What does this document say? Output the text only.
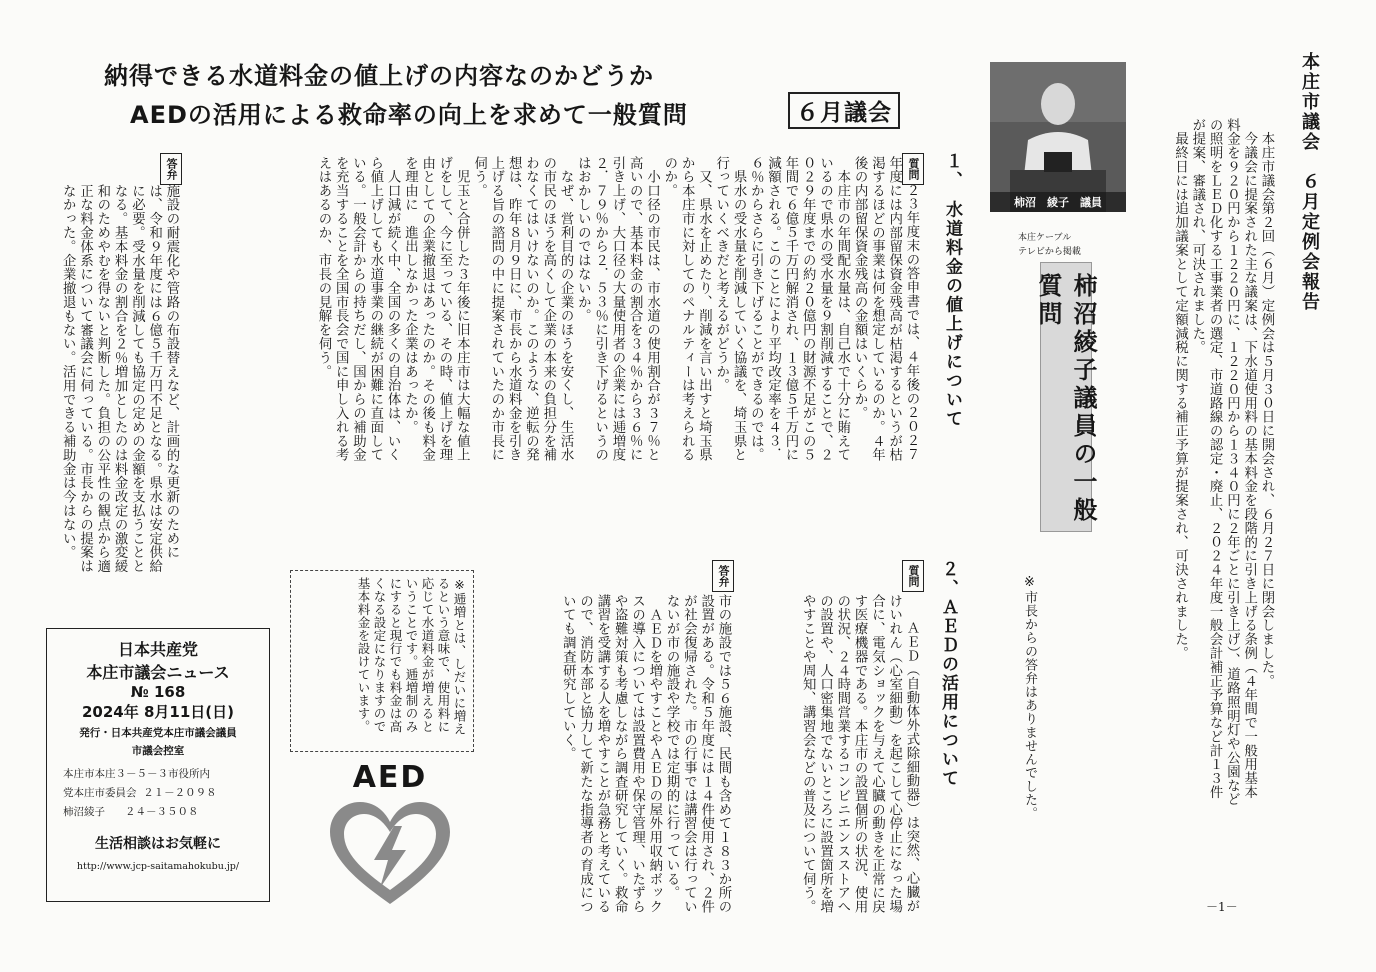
納得できる水道料金の値上げの内容なのかどうか
AEDの活用による救命率の向上を求めて一般質問	６月議会	本庄市議会　６月定例会報告
　本庄市議会第２回（６月）定例会は５月３０日に開会され、６月２７日に閉会しました。
　今議会に提案された主な議案は、下水道使用料の基本料金を段階的に引き上げる条例（４年間で一般用基本料金を９２０円から１２２０円に、１２２０円から１３４０円に２年ごとに引き上げ）、道路照明灯や公園などの照明をＬＥＤ化する工事業者の選定、市道路線の認定・廃止、２０２４年度一般会計補正予算など計１３件が提案、審議され、可決されました。
　最終日には追加議案として定額減税に関する補正予算が提案され、可決されました。
柿沼　綾子　議員
本庄ケーブル
テレビから掲載
柿沼綾子議員の一般質問
１、　水道料金の値上げについて
質問
２３年度末の答申書では、４年後の２０２７年度には内部留保資金残高が枯渇するというが枯渇するほどの事業は何を想定しているのか。４年後の内部留保資金残高の金額はいくらか。
　本庄市の年間配水量は、自己水で十分に賄えているので県水の受水量を９割削減することで、２０２９年度までの約２０億円の財源不足がこの５年間で６億５千万円解消され、１３億５千万円に減額される。このことにより平均改定率を４３．６％からさらに引き下げることができるのでは。
　県水の受水量を削減していく協議を、埼玉県と行っていくべきだと考えるがどうか。
　又、県水を止めたり、削減を言い出すと埼玉県から本庄市に対してのペナルティーは考えられるのか。
　小口径の市民は、市水道の使用割合が３７％と高いので、基本料金の割合を３４％から３６％に引き上げ、大口径の大量使用者の企業には逓増度２．７９％から２．５３％に引き下げるというのはおかしいのではないか。
　なぜ、営利目的の企業のほうを安くし、生活水の市民のほうを高くして企業の本来の負担分を補わなくてはいけないのか。このような、逆転の発想は、昨年８月９日に、市長から水道料金を引き上げる旨の諮問の中に提案されていたのか市長に伺う。
　児玉と合併した３年後に旧本庄市は大幅な値上げをして、今に至っている、その時、値上げを理由としての企業撤退はあったのか。その後も料金を理由に　進出しなかった企業はあったか。
　人口減が続く中、全国の多くの自治体は、いくら値上げしても水道事業の継続が困難に直面している。一般会計からの持ちだし、国からの補助金を充当することを全国市長会で国に申し入れる考えはあるのか、市長の見解を伺う。
答弁
施設の耐震化や管路の布設替えなど、計画的な更新のためには、令和９年度には６億５千万円不足となる。県水は安定供給に必要。受水量を削減しても協定の定めの金額を支払うこととなる。基本料金の割合を２％増加としたのは料金改定の激変緩和のためやむを得ないと判断した。負担の公平性の観点から適正な料金体系について審議会に伺っている。市長からの提案はなかった。企業撤退もない。活用できる補助金は今はない。
２、ＡＥＤの活用について
質問
ＡＥＤ（自動体外式除細動器）は突然、心臓がけいれん（心室細動）を起こして心停止になった場合に、電気ショックを与えて心臓の動きを正常に戻す医療機器である。本庄市の設置個所の状況、使用の状況、２４時間営業するコンビニエンスストアへの設置や、人口密集地でないところに設置箇所を増やすことや周知、講習会などの普及について伺う。
答弁
市の施設では５６施設、民間も含めて１８３か所の設置がある。令和５年度には１４件使用され、２件が社会復帰された。市の行事では講習会は行っていないが市の施設や学校では定期的に行っている。
　ＡＥＤを増やすことやＡＥＤの屋外用収納ボックスの導入については設置費用や保守管理、いたずらや盗難対策も考慮しながら調査研究していく。救命講習を受講する人を増やすことが急務と考えているので、消防本部と協力して新たな指導者の育成についても調査研究していく。	※市長からの答弁はありませんでした。
※逓増とは、しだいに増えるという意味で、使用料に応じて水道料金が増えるということです。逓増制のみにすると現行でも料金は高くなる設定になりますので基本料金を設けています。
日本共産党
本庄市議会ニュース
№ 168
2024年 8月11日(日)
発行・日本共産党本庄市議会議員
市議会控室
本庄市本庄３－５－３市役所内
党本庄市委員会 ２１－２０９８
柿沼綾子 ２４－３５０８
生活相談はお気軽に
http://www.jcp-saitamahokubu.jp/
AED
－1－
